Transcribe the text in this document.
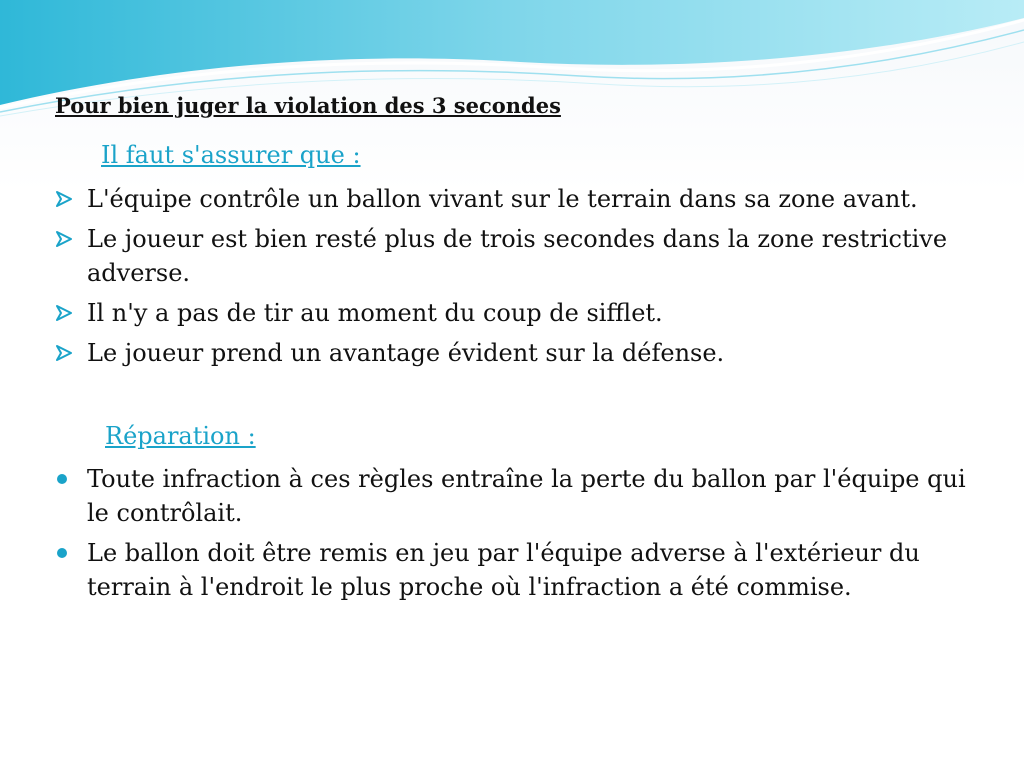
Pour bien juger la violation des 3 secondes
Il faut s'assurer que :
L'équipe contrôle un ballon vivant sur le terrain dans sa zone avant.
Le joueur est bien resté plus de trois secondes dans la zone restrictive adverse.
Il n'y a pas de tir au moment du coup de sifflet.
Le joueur prend un avantage évident sur la défense.
Réparation :
Toute infraction à ces règles entraîne la perte du ballon par l'équipe qui le contrôlait.
Le ballon doit être remis en jeu par l'équipe adverse à l'extérieur du terrain à l'endroit le plus proche où l'infraction a été commise.
